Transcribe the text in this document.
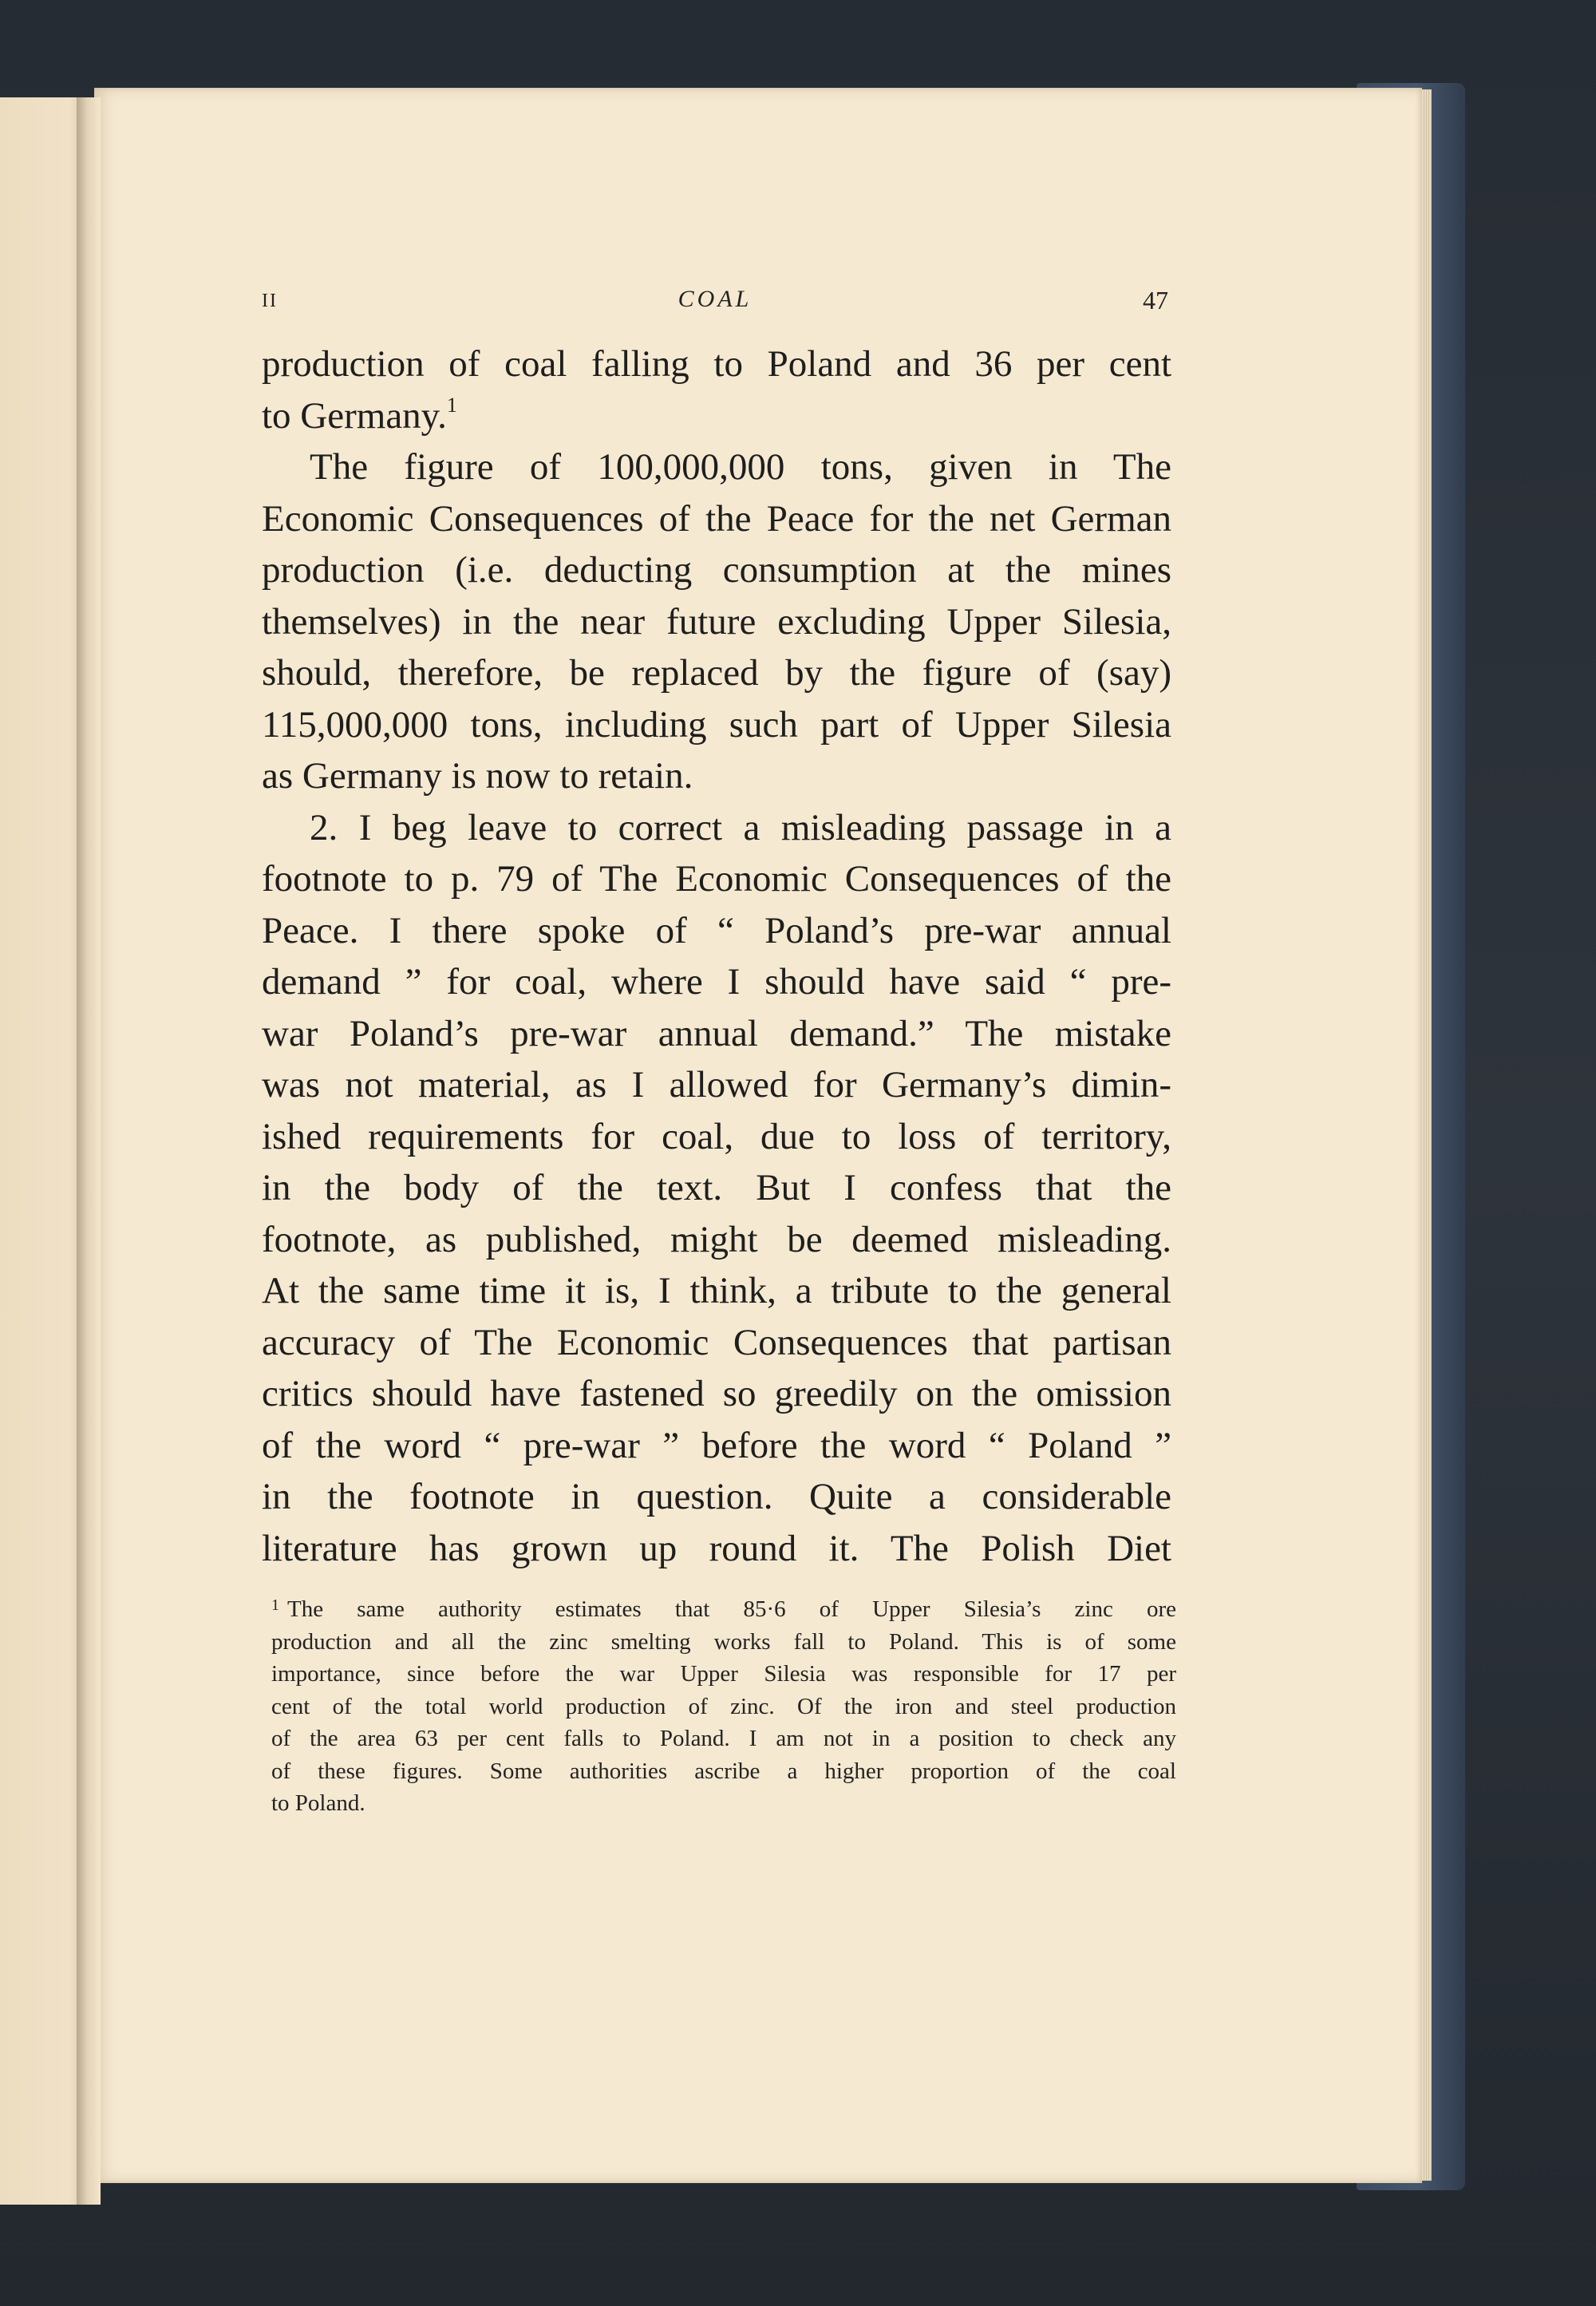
II	COAL	47
production of coal falling to Poland and 36 per cent
to Germany.$^1$
The figure of 100,000,000 tons, given in The
Economic Consequences of the Peace for the net German
production (i.e. deducting consumption at the mines
themselves) in the near future excluding Upper Silesia,
should, therefore, be replaced by the figure of (say)
115,000,000 tons, including such part of Upper Silesia
as Germany is now to retain.
2. I beg leave to correct a misleading passage in a
footnote to p. 79 of The Economic Consequences of the
Peace. I there spoke of “ Poland’s pre-war annual
demand ” for coal, where I should have said “ pre-
war Poland’s pre-war annual demand.” The mistake
was not material, as I allowed for Germany’s dimin-
ished requirements for coal, due to loss of territory,
in the body of the text. But I confess that the
footnote, as published, might be deemed misleading.
At the same time it is, I think, a tribute to the general
accuracy of The Economic Consequences that partisan
critics should have fastened so greedily on the omission
of the word “ pre-war ” before the word “ Poland ”
in the footnote in question. Quite a considerable
literature has grown up round it. The Polish Diet
$^1$ The same authority estimates that 85·6 of Upper Silesia’s zinc ore
production and all the zinc smelting works fall to Poland. This is of some
importance, since before the war Upper Silesia was responsible for 17 per
cent of the total world production of zinc. Of the iron and steel production
of the area 63 per cent falls to Poland. I am not in a position to check any
of these figures. Some authorities ascribe a higher proportion of the coal
to Poland.
